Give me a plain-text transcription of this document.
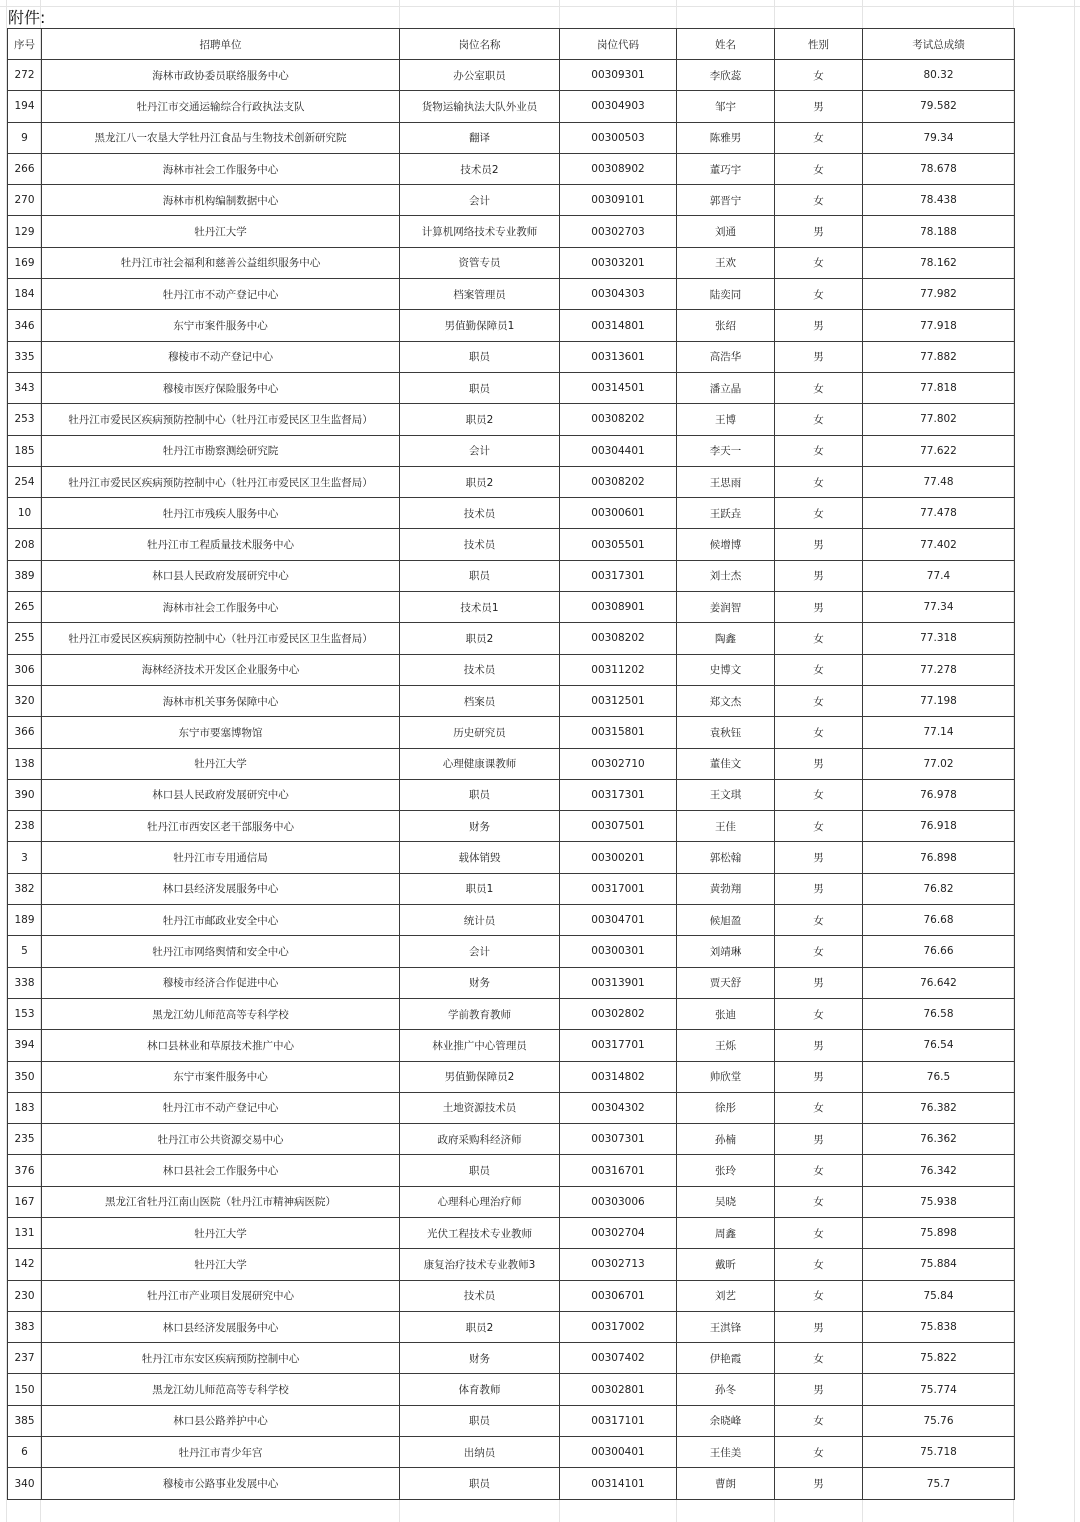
附件:
序号	招聘单位	岗位名称	岗位代码	姓名	性别	考试总成绩
272	海林市政协委员联络服务中心	办公室职员	00309301	李欣蕊	女	80.32
194	牡丹江市交通运输综合行政执法支队	货物运输执法大队外业员	00304903	邹宇	男	79.582
9	黑龙江八一农垦大学牡丹江食品与生物技术创新研究院	翻译	00300503	陈雅男	女	79.34
266	海林市社会工作服务中心	技术员2	00308902	董巧宇	女	78.678
270	海林市机构编制数据中心	会计	00309101	郭晋宁	女	78.438
129	牡丹江大学	计算机网络技术专业教师	00302703	刘通	男	78.188
169	牡丹江市社会福利和慈善公益组织服务中心	资管专员	00303201	王欢	女	78.162
184	牡丹江市不动产登记中心	档案管理员	00304303	陆奕同	女	77.982
346	东宁市案件服务中心	男值勤保障员1	00314801	张绍	男	77.918
335	穆棱市不动产登记中心	职员	00313601	高浩华	男	77.882
343	穆棱市医疗保险服务中心	职员	00314501	潘立晶	女	77.818
253	牡丹江市爱民区疾病预防控制中心（牡丹江市爱民区卫生监督局）	职员2	00308202	王博	女	77.802
185	牡丹江市勘察测绘研究院	会计	00304401	李天一	女	77.622
254	牡丹江市爱民区疾病预防控制中心（牡丹江市爱民区卫生监督局）	职员2	00308202	王思雨	女	77.48
10	牡丹江市残疾人服务中心	技术员	00300601	王跃垚	女	77.478
208	牡丹江市工程质量技术服务中心	技术员	00305501	候增博	男	77.402
389	林口县人民政府发展研究中心	职员	00317301	刘士杰	男	77.4
265	海林市社会工作服务中心	技术员1	00308901	姜润智	男	77.34
255	牡丹江市爱民区疾病预防控制中心（牡丹江市爱民区卫生监督局）	职员2	00308202	陶鑫	女	77.318
306	海林经济技术开发区企业服务中心	技术员	00311202	史博文	女	77.278
320	海林市机关事务保障中心	档案员	00312501	郑文杰	女	77.198
366	东宁市要塞博物馆	历史研究员	00315801	袁秋钰	女	77.14
138	牡丹江大学	心理健康课教师	00302710	董佳文	男	77.02
390	林口县人民政府发展研究中心	职员	00317301	王文琪	女	76.978
238	牡丹江市西安区老干部服务中心	财务	00307501	王佳	女	76.918
3	牡丹江市专用通信局	载体销毁	00300201	郭松翰	男	76.898
382	林口县经济发展服务中心	职员1	00317001	黄勃翔	男	76.82
189	牡丹江市邮政业安全中心	统计员	00304701	候旭盈	女	76.68
5	牡丹江市网络舆情和安全中心	会计	00300301	刘靖琳	女	76.66
338	穆棱市经济合作促进中心	财务	00313901	贾天舒	男	76.642
153	黑龙江幼儿师范高等专科学校	学前教育教师	00302802	张迪	女	76.58
394	林口县林业和草原技术推广中心	林业推广中心管理员	00317701	王烁	男	76.54
350	东宁市案件服务中心	男值勤保障员2	00314802	帅欣堂	男	76.5
183	牡丹江市不动产登记中心	土地资源技术员	00304302	徐彤	女	76.382
235	牡丹江市公共资源交易中心	政府采购科经济师	00307301	孙楠	男	76.362
376	林口县社会工作服务中心	职员	00316701	张玲	女	76.342
167	黑龙江省牡丹江南山医院（牡丹江市精神病医院）	心理科心理治疗师	00303006	吴晓	女	75.938
131	牡丹江大学	光伏工程技术专业教师	00302704	周鑫	女	75.898
142	牡丹江大学	康复治疗技术专业教师3	00302713	戴昕	女	75.884
230	牡丹江市产业项目发展研究中心	技术员	00306701	刘艺	女	75.84
383	林口县经济发展服务中心	职员2	00317002	王淇锋	男	75.838
237	牡丹江市东安区疾病预防控制中心	财务	00307402	伊艳霞	女	75.822
150	黑龙江幼儿师范高等专科学校	体育教师	00302801	孙冬	男	75.774
385	林口县公路养护中心	职员	00317101	余晓峰	女	75.76
6	牡丹江市青少年宫	出纳员	00300401	王佳美	女	75.718
340	穆棱市公路事业发展中心	职员	00314101	曹朗	男	75.7
